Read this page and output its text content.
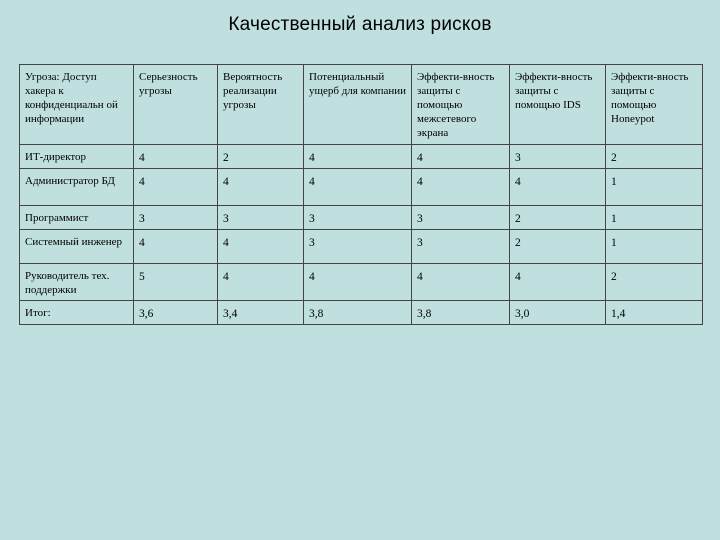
Качественный анализ рисков
Угроза: Доступ хакера к конфиденциальн ой информации	Серьезность угрозы	Вероятность реализации угрозы	Потенциальный ущерб для компании	Эффекти-вность защиты с помощью межсетевого экрана	Эффекти-вность защиты с помощью IDS	Эффекти-вность защиты с помощью Honeypot
ИТ-директор	4	2	4	4	3	2
Администратор БД	4	4	4	4	4	1
Программист	3	3	3	3	2	1
Системный инженер	4	4	3	3	2	1
Руководитель тех. поддержки	5	4	4	4	4	2
Итог:	3,6	3,4	3,8	3,8	3,0	1,4
